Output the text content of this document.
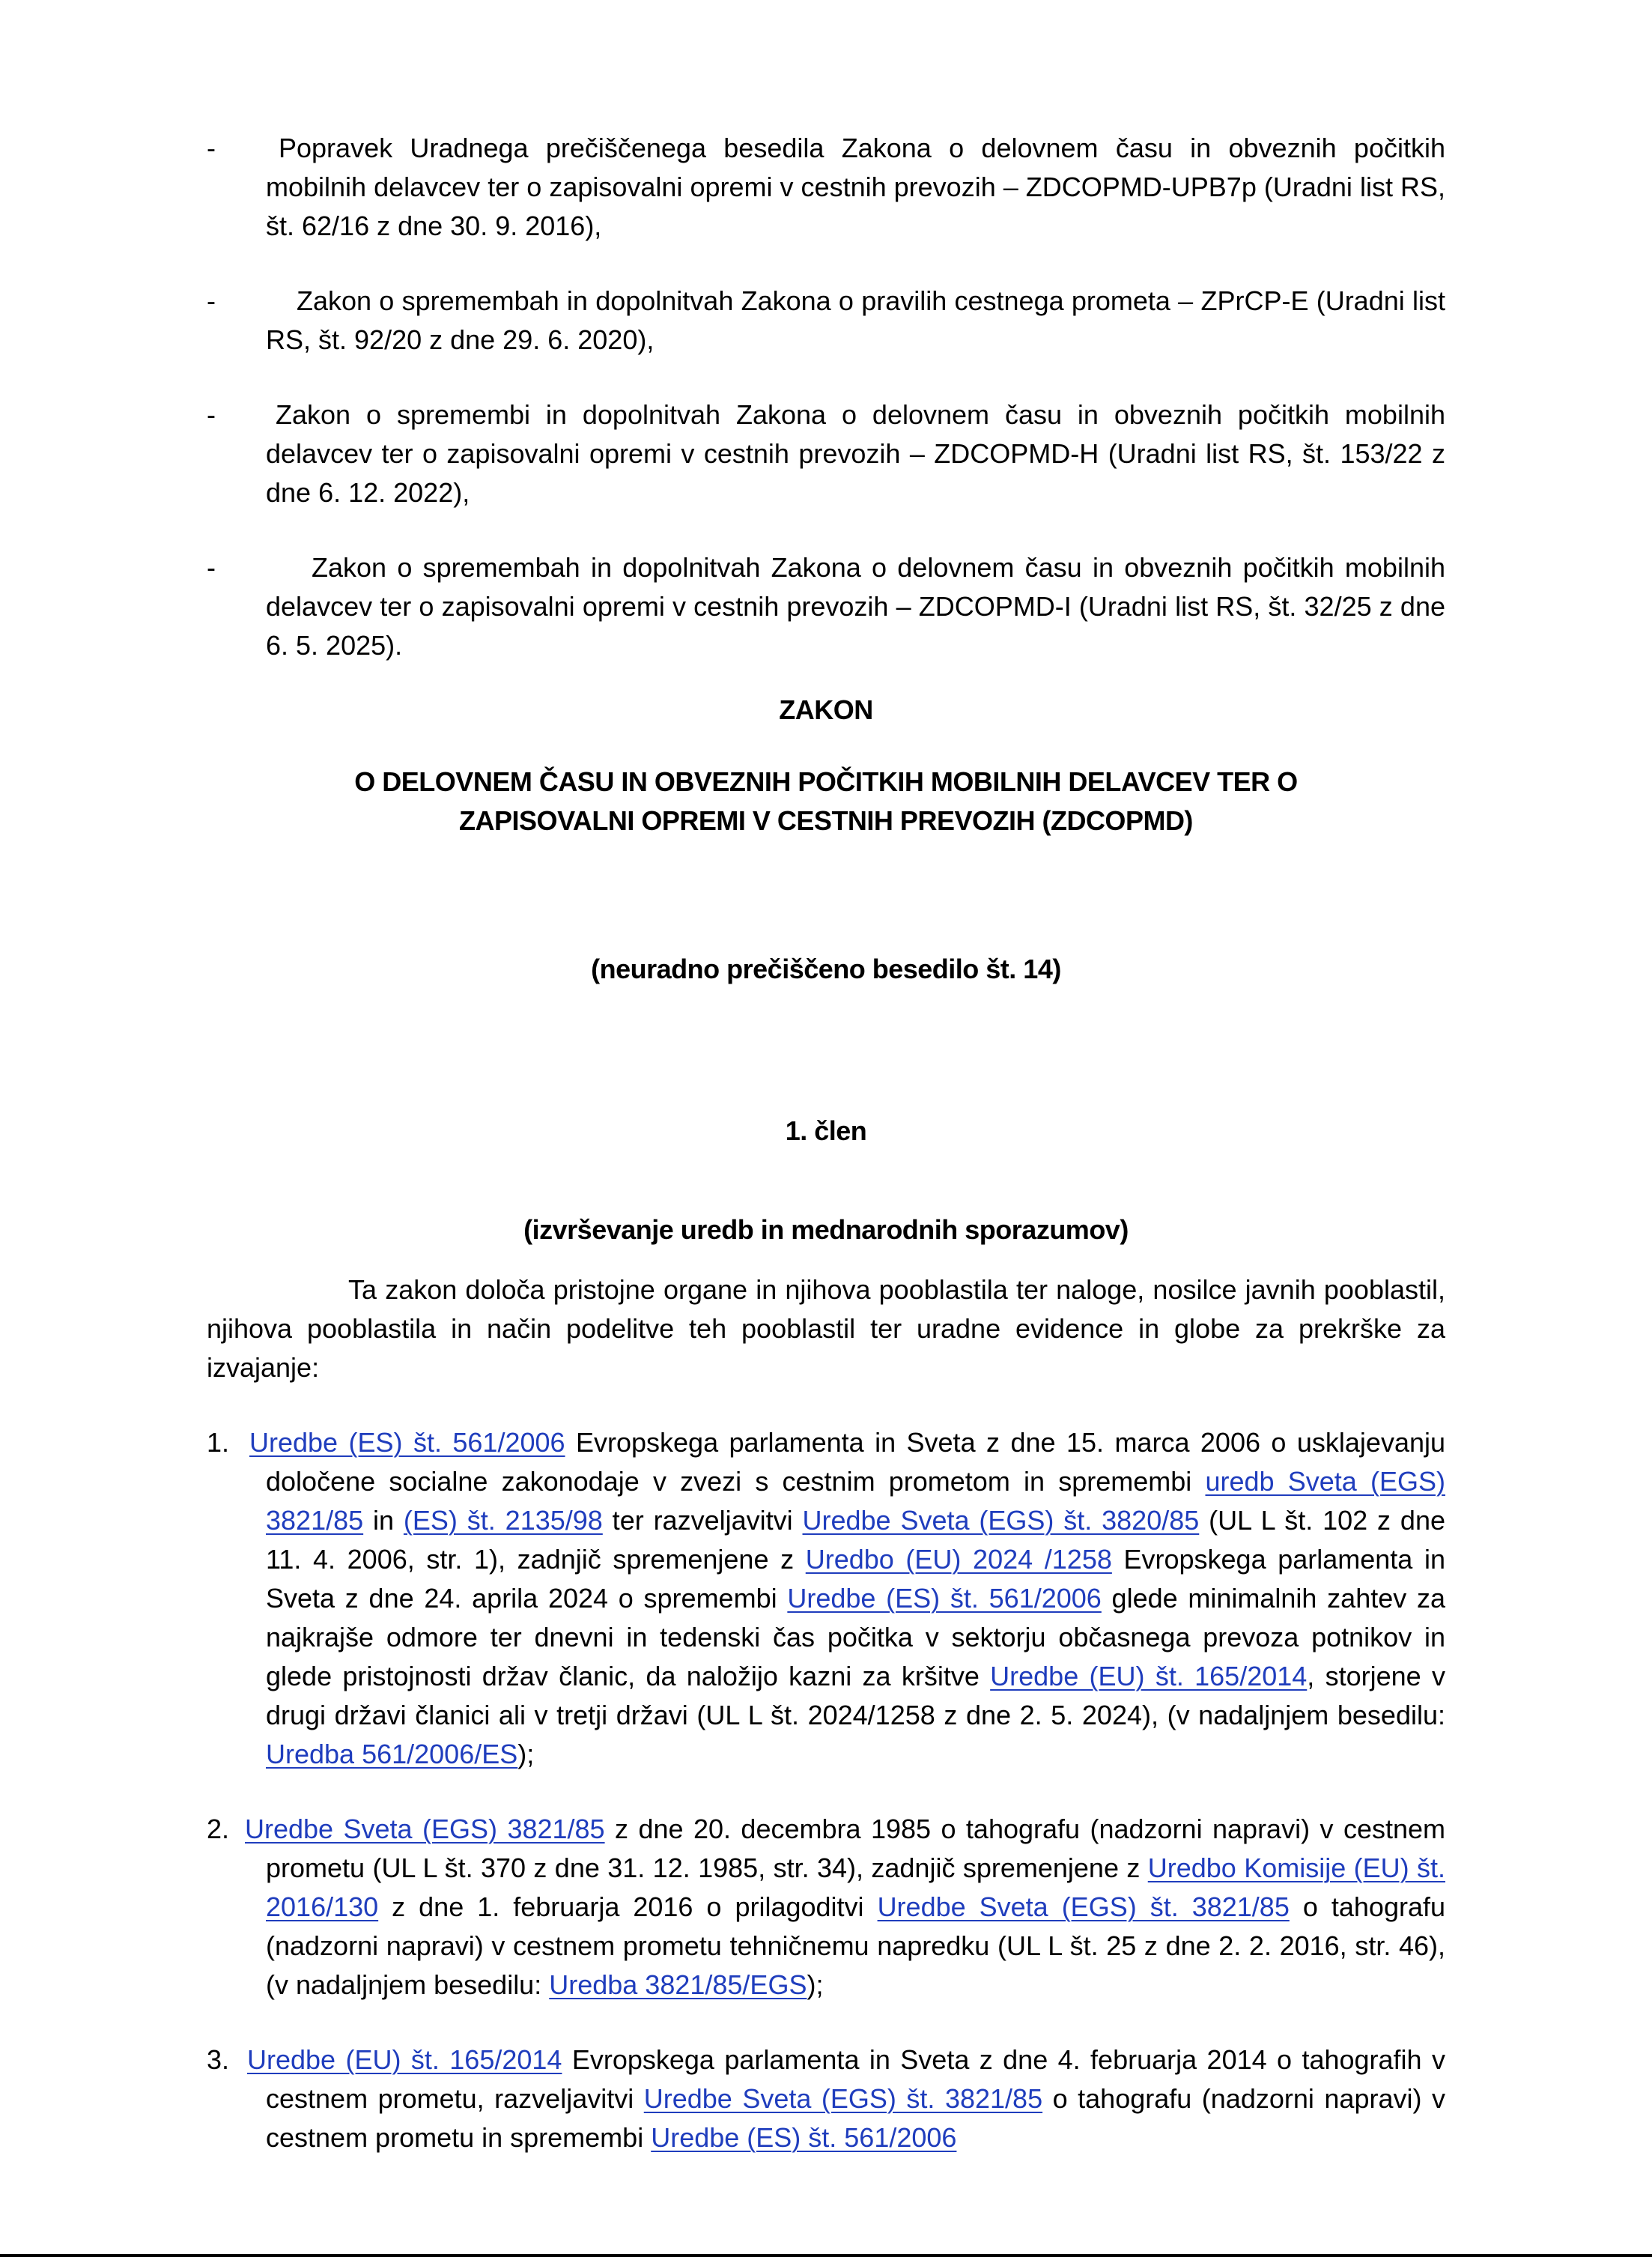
- Popravek Uradnega prečiščenega besedila Zakona o delovnem času in obveznih počitkih mobilnih delavcev ter o zapisovalni opremi v cestnih prevozih – ZDCOPMD-UPB7p (Uradni list RS, št. 62/16 z dne 30. 9. 2016),

-	Zakon o spremembah in dopolnitvah Zakona o pravilih cestnega prometa – ZPrCP-E (Uradni list RS, št. 92/20 z dne 29. 6. 2020),

- Zakon o spremembi in dopolnitvah Zakona o delovnem času in obveznih počitkih mobilnih delavcev ter o zapisovalni opremi v cestnih prevozih – ZDCOPMD-H (Uradni list RS, št. 153/22 z dne 6. 12. 2022),

-	Zakon o spremembah in dopolnitvah Zakona o delovnem času in obveznih počitkih mobilnih delavcev ter o zapisovalni opremi v cestnih prevozih – ZDCOPMD-I (Uradni list RS, št. 32/25 z dne 6. 5. 2025).

ZAKON
O DELOVNEM ČASU IN OBVEZNIH POČITKIH MOBILNIH DELAVCEV TER O
ZAPISOVALNI OPREMI V CESTNIH PREVOZIH (ZDCOPMD)
(neuradno prečiščeno besedilo št. 14)
1. člen
(izvrševanje uredb in mednarodnih sporazumov)

Ta zakon določa pristojne organe in njihova pooblastila ter naloge, nosilce javnih pooblastil, njihova pooblastila in način podelitve teh pooblastil ter uradne evidence in globe za prekrške za izvajanje:

1. Uredbe (ES) št. 561/2006 Evropskega parlamenta in Sveta z dne 15. marca 2006 o usklajevanju določene socialne zakonodaje v zvezi s cestnim prometom in spremembi uredb Sveta (EGS) 3821/85 in (ES) št. 2135/98 ter razveljavitvi Uredbe Sveta (EGS) št. 3820/85 (UL L št. 102 z dne 11. 4. 2006, str. 1), zadnjič spremenjene z Uredbo (EU) 2024 /1258 Evropskega parlamenta in Sveta z dne 24. aprila 2024 o spremembi Uredbe (ES) št. 561/2006 glede minimalnih zahtev za najkrajše odmore ter dnevni in tedenski čas počitka v sektorju občasnega prevoza potnikov in glede pristojnosti držav članic, da naložijo kazni za kršitve Uredbe (EU) št. 165/2014, storjene v drugi državi članici ali v tretji državi (UL L št. 2024/1258 z dne 2. 5. 2024), (v nadaljnjem besedilu: Uredba 561/2006/ES);

2. Uredbe Sveta (EGS) 3821/85 z dne 20. decembra 1985 o tahografu (nadzorni napravi) v cestnem prometu (UL L št. 370 z dne 31. 12. 1985, str. 34), zadnjič spremenjene z Uredbo Komisije (EU) št. 2016/130 z dne 1. februarja 2016 o prilagoditvi Uredbe Sveta (EGS) št. 3821/85 o tahografu (nadzorni napravi) v cestnem prometu tehničnemu napredku (UL L št. 25 z dne 2. 2. 2016, str. 46), (v nadaljnjem besedilu: Uredba 3821/85/EGS);

3. Uredbe (EU) št. 165/2014 Evropskega parlamenta in Sveta z dne 4. februarja 2014 o tahografih v cestnem prometu, razveljavitvi Uredbe Sveta (EGS) št. 3821/85 o tahografu (nadzorni napravi) v cestnem prometu in spremembi Uredbe (ES) št. 561/2006
